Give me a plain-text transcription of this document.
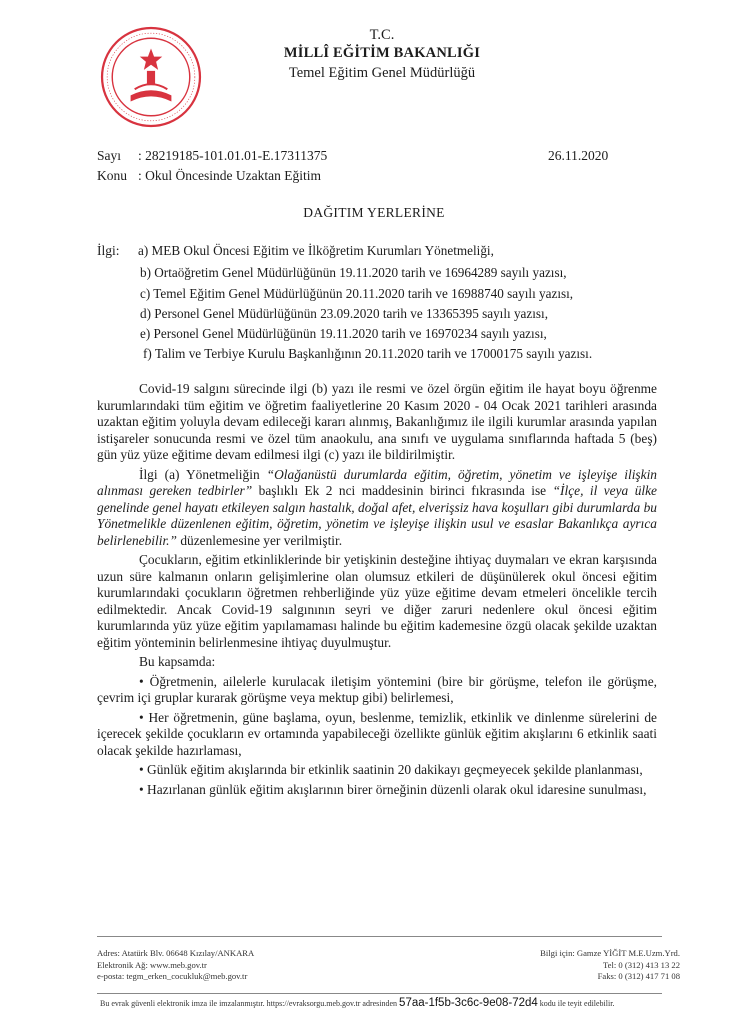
T.C.
MİLLÎ EĞİTİM BAKANLIĞI
Temel Eğitim Genel Müdürlüğü
Sayı : 28219185-101.01.01-E.17311375	26.11.2020
Konu : Okul Öncesinde Uzaktan Eğitim
DAĞITIM YERLERİNE
İlgi: a) MEB Okul Öncesi Eğitim ve İlköğretim Kurumları Yönetmeliği,
b) Ortaöğretim Genel Müdürlüğünün 19.11.2020 tarih ve 16964289 sayılı yazısı,
c) Temel Eğitim Genel Müdürlüğünün 20.11.2020 tarih ve 16988740 sayılı yazısı,
d) Personel Genel Müdürlüğünün 23.09.2020 tarih ve 13365395 sayılı yazısı,
e) Personel Genel Müdürlüğünün 19.11.2020 tarih ve 16970234 sayılı yazısı,
f) Talim ve Terbiye Kurulu Başkanlığının 20.11.2020 tarih ve 17000175 sayılı yazısı.

Covid-19 salgını sürecinde ilgi (b) yazı ile resmi ve özel örgün eğitim ile hayat boyu öğrenme kurumlarındaki tüm eğitim ve öğretim faaliyetlerine 20 Kasım 2020 - 04 Ocak 2021 tarihleri arasında uzaktan eğitim yoluyla devam edileceği kararı alınmış, Bakanlığımız ile ilgili kurumlar arasında yapılan istişareler sonucunda resmi ve özel tüm anaokulu, ana sınıfı ve uygulama sınıflarında haftada 5 (beş) gün yüz yüze eğitime devam edilmesi ilgi (c) yazı ile bildirilmiştir.

İlgi (a) Yönetmeliğin “Olağanüstü durumlarda eğitim, öğretim, yönetim ve işleyişe ilişkin alınması gereken tedbirler” başlıklı Ek 2 nci maddesinin birinci fıkrasında ise “İlçe, il veya ülke genelinde genel hayatı etkileyen salgın hastalık, doğal afet, elverişsiz hava koşulları gibi durumlarda bu Yönetmelikle düzenlenen eğitim, öğretim, yönetim ve işleyişe ilişkin usul ve esaslar Bakanlıkça ayrıca belirlenebilir.” düzenlemesine yer verilmiştir.

Çocukların, eğitim etkinliklerinde bir yetişkinin desteğine ihtiyaç duymaları ve ekran karşısında uzun süre kalmanın onların gelişimlerine olan olumsuz etkileri de düşünülerek okul öncesi eğitim kurumlarındaki çocukların öğretmen rehberliğinde yüz yüze eğitime devam etmeleri öncelikle tercih edilmektedir. Ancak Covid-19 salgınının seyri ve diğer zaruri nedenlere okul öncesi eğitim kurumlarında yüz yüze eğitim yapılamaması halinde bu eğitim kademesine özgü olacak şekilde uzaktan eğitim yönteminin belirlenmesine ihtiyaç duyulmuştur.

Bu kapsamda:

• Öğretmenin, ailelerle kurulacak iletişim yöntemini (bire bir görüşme, telefon ile görüşme, çevrim içi gruplar kurarak görüşme veya mektup gibi) belirlemesi,

• Her öğretmenin, güne başlama, oyun, beslenme, temizlik, etkinlik ve dinlenme sürelerini de içerecek şekilde çocukların ev ortamında yapabileceği özellikte günlük eğitim akışlarını 6 etkinlik saati olacak şekilde hazırlaması,

• Günlük eğitim akışlarında bir etkinlik saatinin 20 dakikayı geçmeyecek şekilde planlanması,

• Hazırlanan günlük eğitim akışlarının birer örneğinin düzenli olarak okul idaresine sunulması,

Adres: Atatürk Blv. 06648 Kızılay/ANKARA
Elektronik Ağ: www.meb.gov.tr
e-posta: tegm_erken_cocukluk@meb.gov.tr
Bilgi için: Gamze YİĞİT M.E.Uzm.Yrd.
Tel: 0 (312) 413 13 22
Faks: 0 (312) 417 71 08
Bu evrak güvenli elektronik imza ile imzalanmıştır. https://evraksorgu.meb.gov.tr adresinden 57aa-1f5b-3c6c-9e08-72d4 kodu ile teyit edilebilir.
